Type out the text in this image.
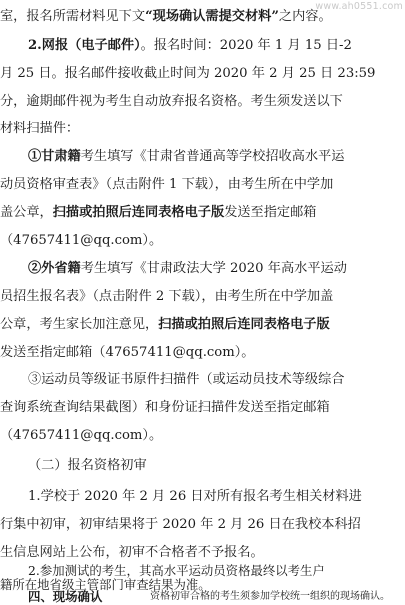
www.ah0551.com
室，报名所需材料见下文“现场确认需提交材料”之内容。
2.网报（电子邮件）。报名时间：2020 年 1 月 15 日-2
月 25 日。报名邮件接收截止时间为 2020 年 2 月 25 日 23:59
分，逾期邮件视为考生自动放弃报名资格。考生须发送以下
材料扫描件：
①甘肃籍考生填写《甘肃省普通高等学校招收高水平运
动员资格审查表》（点击附件 1 下载），由考生所在中学加
盖公章，扫描或拍照后连同表格电子版发送至指定邮箱
（47657411@qq.com）。
②外省籍考生填写《甘肃政法大学 2020 年高水平运动
员招生报名表》（点击附件 2 下载），由考生所在中学加盖
公章，考生家长加注意见，扫描或拍照后连同表格电子版
发送至指定邮箱（47657411@qq.com）。
③运动员等级证书原件扫描件（或运动员技术等级综合
查询系统查询结果截图）和身份证扫描件发送至指定邮箱
（47657411@qq.com）。
（二）报名资格初审
1.学校于 2020 年 2 月 26 日对所有报名考生相关材料进
行集中初审，初审结果将于 2020 年 2 月 26 日在我校本科招
生信息网站上公布，初审不合格者不予报名。
2.参加测试的考生，其高水平运动员资格最终以考生户
籍所在地省级主管部门审查结果为准。
四、现场确认	资格初审合格的考生须参加学校统一组织的现场确认。
